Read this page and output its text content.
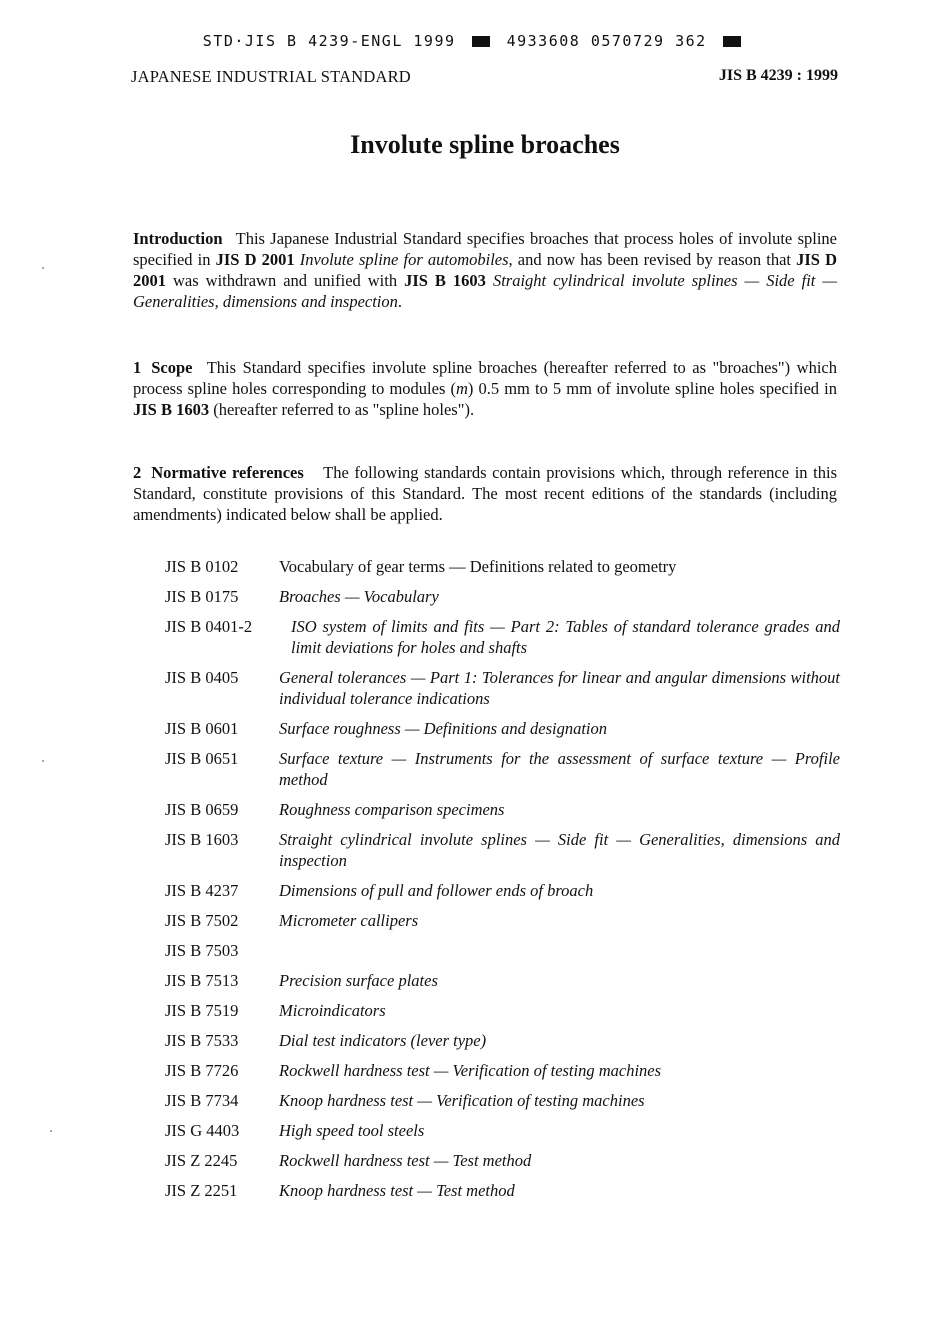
STD·JIS B 4239-ENGL 1999	4933608 0570729 362
JAPANESE INDUSTRIAL STANDARD	JIS B 4239 : 1999
Involute spline broaches
Introduction This Japanese Industrial Standard specifies broaches that process holes of involute spline specified in JIS D 2001 Involute spline for automobiles, and now has been revised by reason that JIS D 2001 was withdrawn and unified with JIS B 1603 Straight cylindrical involute splines — Side fit — Generalities, dimensions and inspection.
1 Scope This Standard specifies involute spline broaches (hereafter referred to as "broaches") which process spline holes corresponding to modules (m) 0.5 mm to 5 mm of involute spline holes specified in JIS B 1603 (hereafter referred to as "spline holes").
2 Normative references The following standards contain provisions which, through reference in this Standard, constitute provisions of this Standard. The most recent editions of the standards (including amendments) indicated below shall be applied.
JIS B 0102	Vocabulary of gear terms — Definitions related to geometry
JIS B 0175	Broaches — Vocabulary
JIS B 0401-2	ISO system of limits and fits — Part 2: Tables of standard tolerance grades and limit deviations for holes and shafts
JIS B 0405	General tolerances — Part 1: Tolerances for linear and angular dimensions without individual tolerance indications
JIS B 0601	Surface roughness — Definitions and designation
JIS B 0651	Surface texture — Instruments for the assessment of surface texture — Profile method
JIS B 0659	Roughness comparison specimens
JIS B 1603	Straight cylindrical involute splines — Side fit — Generalities, dimensions and inspection
JIS B 4237	Dimensions of pull and follower ends of broach
JIS B 7502	Micrometer callipers
JIS B 7503
JIS B 7513	Precision surface plates
JIS B 7519	Microindicators
JIS B 7533	Dial test indicators (lever type)
JIS B 7726	Rockwell hardness test — Verification of testing machines
JIS B 7734	Knoop hardness test — Verification of testing machines
JIS G 4403	High speed tool steels
JIS Z 2245	Rockwell hardness test — Test method
JIS Z 2251	Knoop hardness test — Test method
